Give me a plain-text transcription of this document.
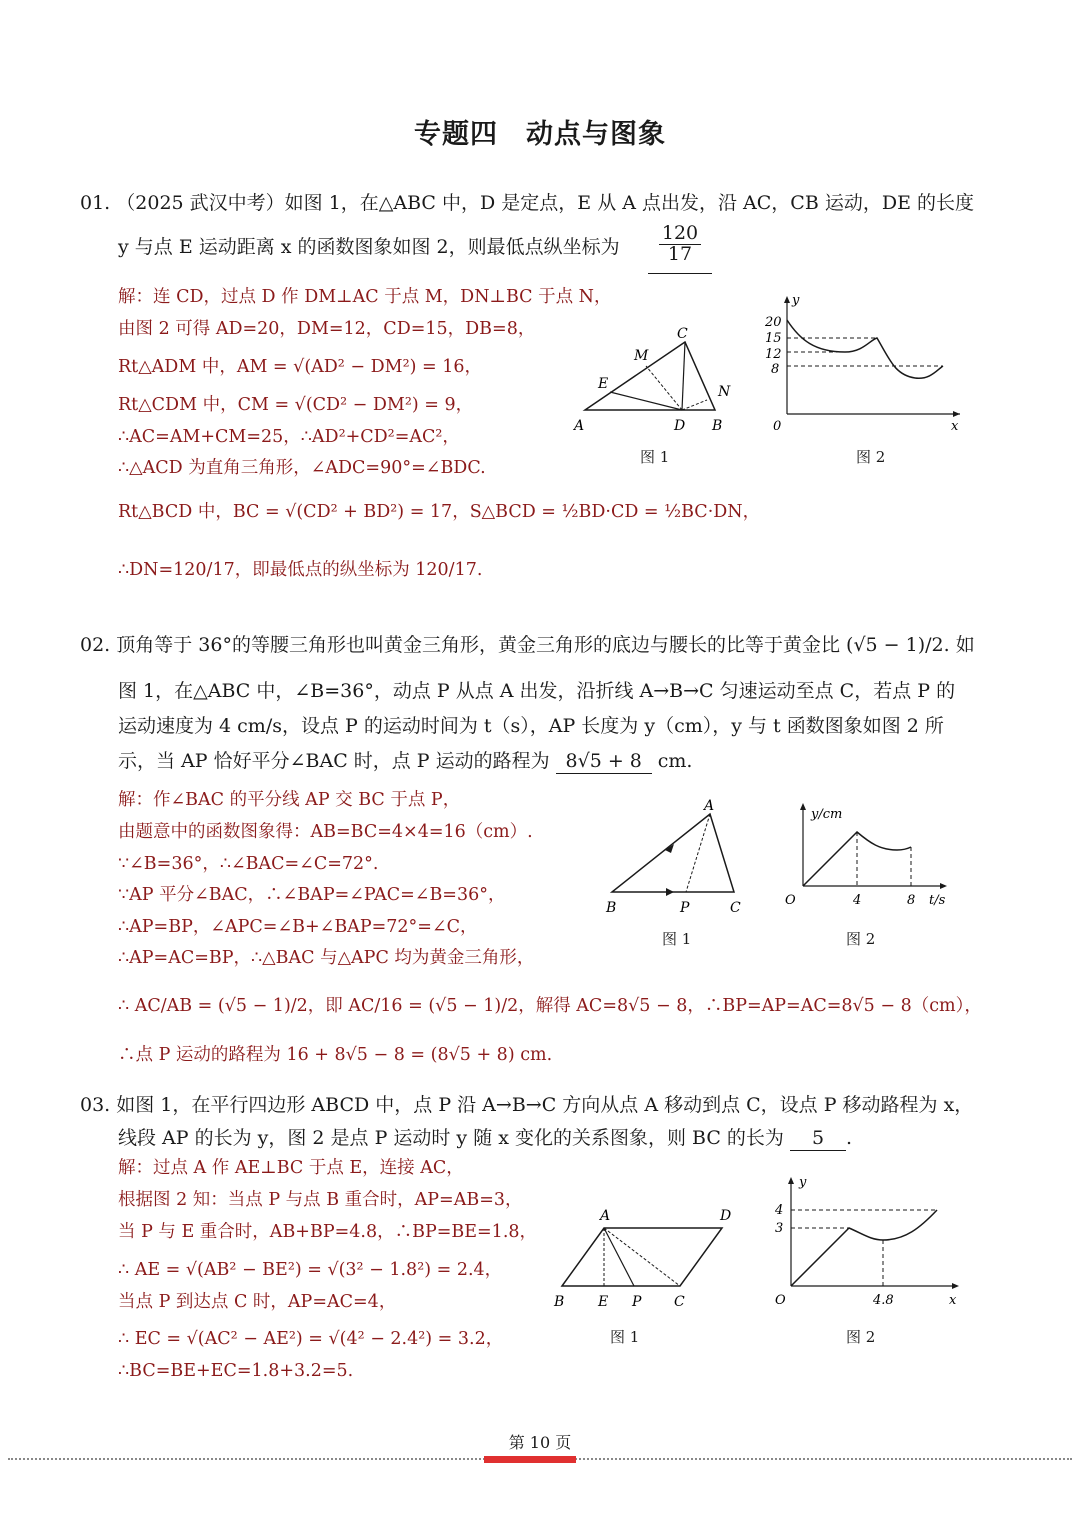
专题四　动点与图象
01. （2025 武汉中考）如图 1，在△ABC 中，D 是定点，E 从 A 点出发，沿 AC，CB 运动，DE 的长度
y 与点 E 运动距离 x 的函数图象如图 2，则最低点纵坐标为 $\frac{120}{17}$
解：连 CD，过点 D 作 DM⊥AC 于点 M，DN⊥BC 于点 N，
由图 2 可得 AD=20，DM=12，CD=15，DB=8，
Rt△ADM 中，AM = √(AD² − DM²) = 16，
Rt△CDM 中，CM = √(CD² − DM²) = 9，
∴AC=AM+CM=25，∴AD²+CD²=AC²，
∴△ACD 为直角三角形，∠ADC=90°=∠BDC.
Rt△BCD 中，BC = √(CD² + BD²) = 17，S△BCD = ½BD·CD = ½BC·DN，
∴DN=120/17，即最低点的纵坐标为 120/17.
A	B
C
D
E
M
N
图 1
20
15
12
8
0	x
y
图 2
02. 顶角等于 36°的等腰三角形也叫黄金三角形，黄金三角形的底边与腰长的比等于黄金比 (√5 − 1)/2. 如
图 1，在△ABC 中，∠B=36°，动点 P 从点 A 出发，沿折线 A→B→C 匀速运动至点 C，若点 P 的
运动速度为 4 cm/s，设点 P 的运动时间为 t（s），AP 长度为 y（cm），y 与 t 函数图象如图 2 所
示，当 AP 恰好平分∠BAC 时，点 P 运动的路程为 8√5 + 8 cm.
解：作∠BAC 的平分线 AP 交 BC 于点 P，
由题意中的函数图象得：AB=BC=4×4=16（cm）.
∵∠B=36°，∴∠BAC=∠C=72°.
∵AP 平分∠BAC，∴∠BAP=∠PAC=∠B=36°，
∴AP=BP，∠APC=∠B+∠BAP=72°=∠C，
∴AP=AC=BP，∴△BAC 与△APC 均为黄金三角形，
∴ AC/AB = (√5 − 1)/2，即 AC/16 = (√5 − 1)/2，解得 AC=8√5 − 8，∴BP=AP=AC=8√5 − 8（cm），
∴点 P 运动的路程为 16 + 8√5 − 8 = (8√5 + 8) cm.
A
B	P	C
图 1
y/cm
O	4	8 t/s
图 2
03. 如图 1，在平行四边形 ABCD 中，点 P 沿 A→B→C 方向从点 A 移动到点 C，设点 P 移动路程为 x，
线段 AP 的长为 y，图 2 是点 P 运动时 y 随 x 变化的关系图象，则 BC 的长为 5 .
解：过点 A 作 AE⊥BC 于点 E，连接 AC，
根据图 2 知：当点 P 与点 B 重合时，AP=AB=3，
当 P 与 E 重合时，AB+BP=4.8，∴BP=BE=1.8，
∴ AE = √(AB² − BE²) = √(3² − 1.8²) = 2.4，
当点 P 到达点 C 时，AP=AC=4，
∴ EC = √(AC² − AE²) = √(4² − 2.4²) = 3.2，
∴BC=BE+EC=1.8+3.2=5.
A	D
B E P C
图 1
4
3
4.8
O	x
y
图 2
第 10 页
